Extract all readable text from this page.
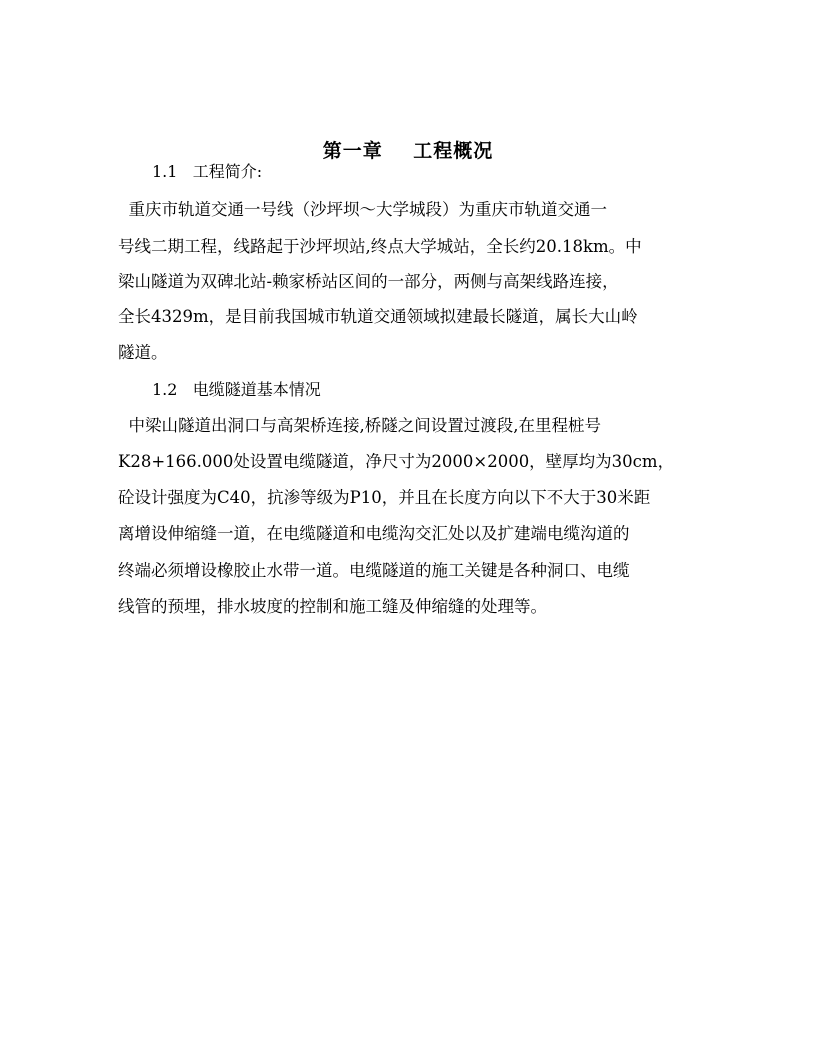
第一章    工程概况
1.1   工程简介:
重庆市轨道交通一号线（沙坪坝～大学城段）为重庆市轨道交通一
号线二期工程，线路起于沙坪坝站,终点大学城站，全长约20.18km。中
梁山隧道为双碑北站-赖家桥站区间的一部分，两侧与高架线路连接，
全长4329m，是目前我国城市轨道交通领域拟建最长隧道，属长大山岭
隧道。
1.2   电缆隧道基本情况
中梁山隧道出洞口与高架桥连接,桥隧之间设置过渡段,在里程桩号
K28+166.000处设置电缆隧道，净尺寸为2000×2000，壁厚均为30cm，
砼设计强度为C40，抗渗等级为P10，并且在长度方向以下不大于30米距
离增设伸缩缝一道，在电缆隧道和电缆沟交汇处以及扩建端电缆沟道的
终端必须增设橡胶止水带一道。电缆隧道的施工关键是各种洞口、电缆
线管的预埋，排水坡度的控制和施工缝及伸缩缝的处理等。
